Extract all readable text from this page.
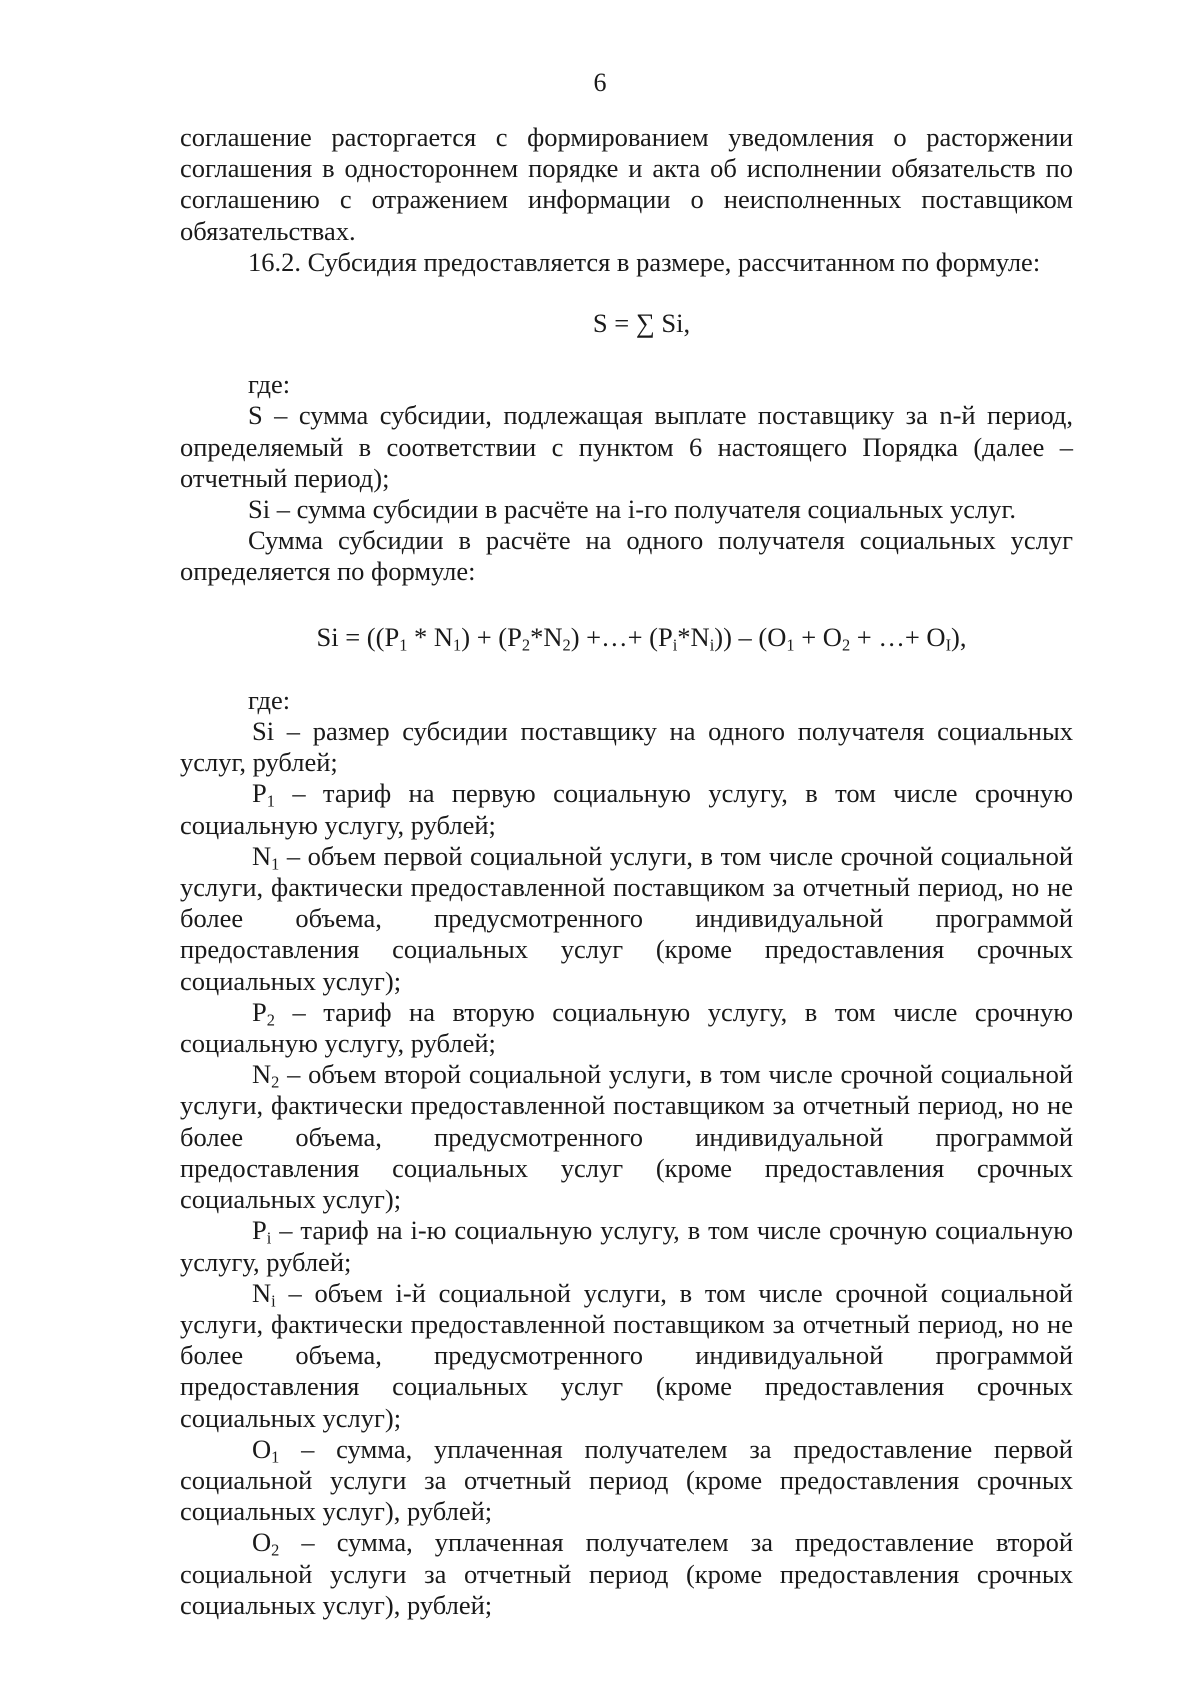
6

соглашение расторгается с формированием уведомления о расторжении соглашения в одностороннем порядке и акта об исполнении обязательств по соглашению с отражением информации о неисполненных поставщиком обязательствах.

16.2. Субсидия предоставляется в размере, рассчитанном по формуле:

S = ∑ Si,

где:

S – сумма субсидии, подлежащая выплате поставщику за n-й период, определяемый в соответствии с пунктом 6 настоящего Порядка (далее – отчетный период);

Si – сумма субсидии в расчёте на i-го получателя социальных услуг.

Сумма субсидии в расчёте на одного получателя социальных услуг определяется по формуле:

$Si = ((P_1 * N_1) + (P_2*N_2)$ +…+ $(P_i*N_i)) - (O_1 + O_2$ + …+ $O_I$),

где:

Si – размер субсидии поставщику на одного получателя социальных услуг, рублей;

$P_1$ – тариф на первую социальную услугу, в том числе срочную социальную услугу, рублей;

$N_1$ – объем первой социальной услуги, в том числе срочной социальной услуги, фактически предоставленной поставщиком за отчетный период, но не более объема, предусмотренного индивидуальной программой предоставления социальных услуг (кроме предоставления срочных социальных услуг);

$P_2$ – тариф на вторую социальную услугу, в том числе срочную социальную услугу, рублей;

$N_2$ – объем второй социальной услуги, в том числе срочной социальной услуги, фактически предоставленной поставщиком за отчетный период, но не более объема, предусмотренного индивидуальной программой предоставления социальных услуг (кроме предоставления срочных социальных услуг);

$P_i$ – тариф на i-ю социальную услугу, в том числе срочную социальную услугу, рублей;

$N_i$ – объем i-й социальной услуги, в том числе срочной социальной услуги, фактически предоставленной поставщиком за отчетный период, но не более объема, предусмотренного индивидуальной программой предоставления социальных услуг (кроме предоставления срочных социальных услуг);

$O_1$ – сумма, уплаченная получателем за предоставление первой социальной услуги за отчетный период (кроме предоставления срочных социальных услуг), рублей;

$O_2$ – сумма, уплаченная получателем за предоставление второй социальной услуги за отчетный период (кроме предоставления срочных социальных услуг), рублей;
